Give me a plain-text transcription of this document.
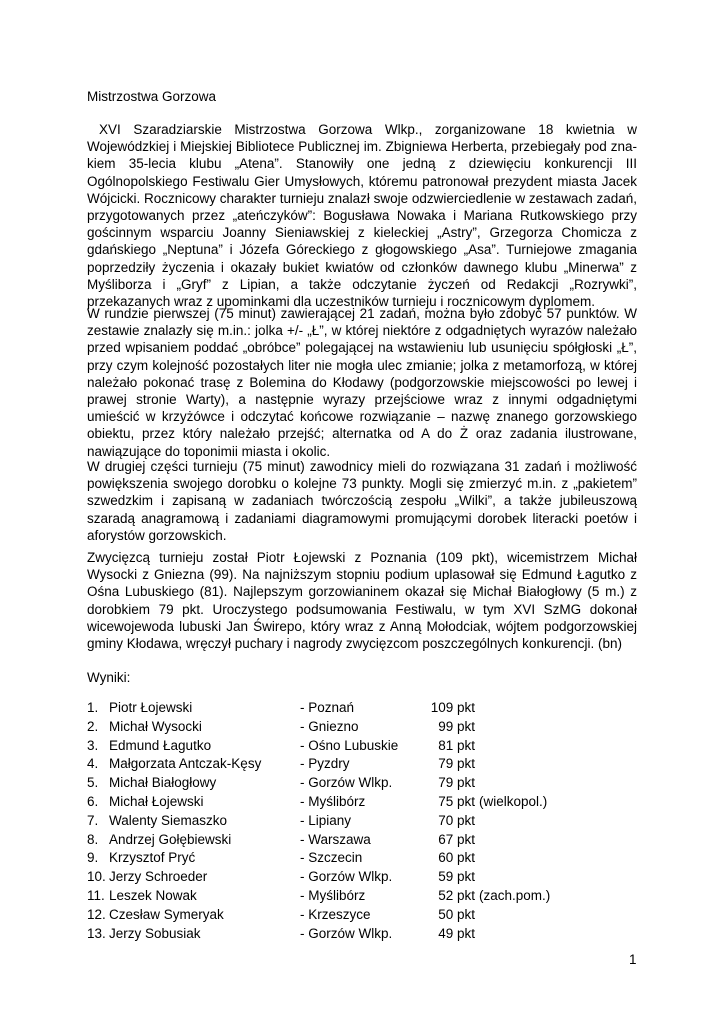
Mistrzostwa Gorzowa

XVI Szaradziarskie Mistrzostwa Gorzowa Wlkp., zorganizowane 18 kwietnia w Wojewódzkiej i Miejskiej Bibliotece Publicznej im. Zbigniewa Herberta, przebiegały pod znakiem 35-lecia klubu „Atena”. Stanowiły one jedną z dziewięciu konkurencji III Ogólnopolskiego Festiwalu Gier Umysłowych, któremu patronował prezydent miasta Jacek Wójcicki. Rocznicowy charakter turnieju znalazł swoje odzwierciedlenie w zestawach zadań, przygotowanych przez „ateńczyków”: Bogusława Nowaka i Mariana Rutkowskiego przy gościnnym wsparciu Joanny Sieniawskiej z kieleckiej „Astry”, Grzegorza Chomicza z gdańskiego „Neptuna” i Józefa Góreckiego z głogowskiego „Asa”. Turniejowe zmagania poprzedziły życzenia i okazały bukiet kwiatów od członków dawnego klubu „Minerwa” z Myśliborza i „Gryf” z Lipian, a także odczytanie życzeń od Redakcji „Rozrywki”, przekazanych wraz z upominkami dla uczestników turnieju i rocznicowym dyplomem.

W rundzie pierwszej (75 minut) zawierającej 21 zadań, można było zdobyć 57 punktów. W zestawie znalazły się m.in.: jolka +/- „Ł”, w której niektóre z odgadniętych wyrazów należało przed wpisaniem poddać „obróbce” polegającej na wstawieniu lub usunięciu spółgłoski „Ł”, przy czym kolejność pozostałych liter nie mogła ulec zmianie; jolka z metamorfozą, w której należało pokonać trasę z Bolemina do Kłodawy (podgorzowskie miejscowości po lewej i prawej stronie Warty), a następnie wyrazy przejściowe wraz z innymi odgadniętymi umieścić w krzyżówce i odczytać końcowe rozwiązanie – nazwę znanego gorzowskiego obiektu, przez który należało przejść; alternatka od A do Ż oraz zadania ilustrowane, nawiązujące do toponimii miasta i okolic.

W drugiej części turnieju (75 minut) zawodnicy mieli do rozwiązana 31 zadań i możliwość powiększenia swojego dorobku o kolejne 73 punkty. Mogli się zmierzyć m.in. z „pakietem” szwedzkim i zapisaną w zadaniach twórczością zespołu „Wilki”, a także jubileuszową szaradą anagramową i zadaniami diagramowymi promującymi dorobek literacki poetów i aforystów gorzowskich.

Zwycięzcą turnieju został Piotr Łojewski z Poznania (109 pkt), wicemistrzem Michał Wysocki z Gniezna (99). Na najniższym stopniu podium uplasował się Edmund Łagutko z Ośna Lubuskiego (81). Najlepszym gorzowianinem okazał się Michał Białogłowy (5 m.) z dorobkiem 79 pkt. Uroczystego podsumowania Festiwalu, w tym XVI SzMG dokonał wicewojewoda lubuski Jan Świrepo, który wraz z Anną Mołodciak, wójtem podgorzowskiej gminy Kłodawa, wręczył puchary i nagrody zwycięzcom poszczególnych konkurencji. (bn)

Wyniki:
1. Piotr Łojewski	- Poznań	109 pkt
2. Michał Wysocki	- Gniezno	99 pkt
3. Edmund Łagutko	- Ośno Lubuskie	81 pkt
4. Małgorzata Antczak-Kęsy	- Pyzdry	79 pkt
5. Michał Białogłowy	- Gorzów Wlkp.	79 pkt
6. Michał Łojewski	- Myślibórz	75 pkt (wielkopol.)
7. Walenty Siemaszko	- Lipiany	70 pkt
8. Andrzej Gołębiewski	- Warszawa	67 pkt
9. Krzysztof Pryć	- Szczecin	60 pkt
10. Jerzy Schroeder	- Gorzów Wlkp.	59 pkt
11. Leszek Nowak	- Myślibórz	52 pkt (zach.pom.)
12. Czesław Symeryak	- Krzeszyce	50 pkt
13. Jerzy Sobusiak	- Gorzów Wlkp.	49 pkt
1
